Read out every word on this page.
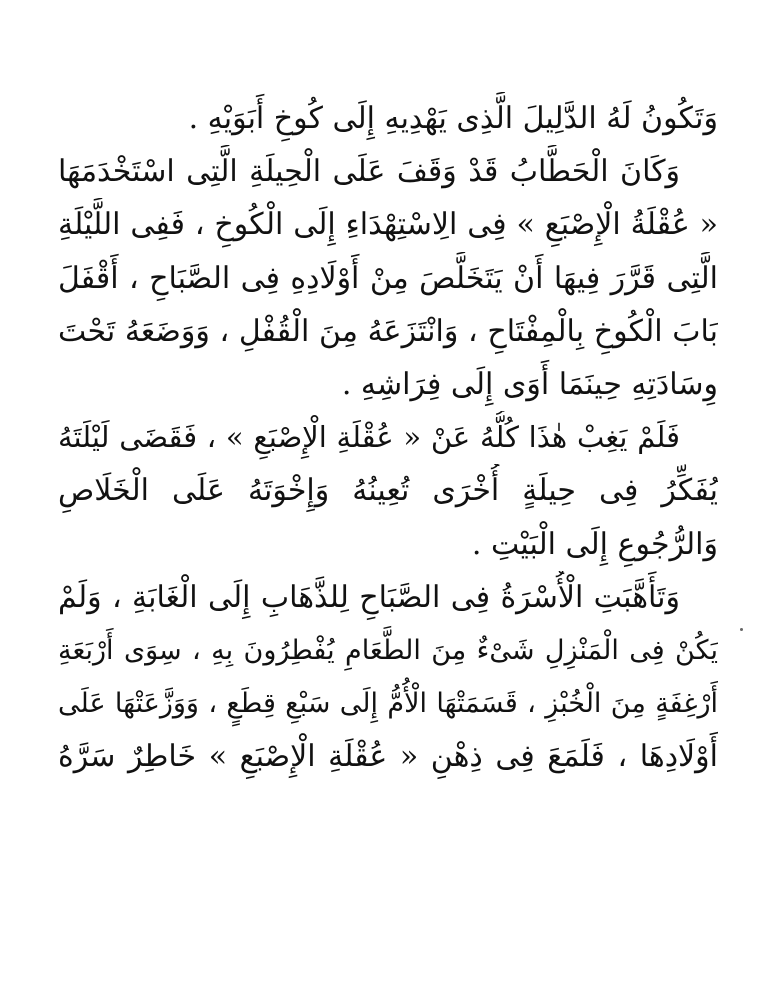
وَتَكُونُ لَهُ الدَّلِيلَ الَّذِى يَهْدِيهِ إِلَى كُوخِ أَبَوَيْهِ .
وَكَانَ الْحَطَّابُ قَدْ وَقَفَ عَلَى الْحِيلَةِ الَّتِى اسْتَخْدَمَهَا
« عُقْلَةُ الْإِصْبَعِ » فِى الِاسْتِهْدَاءِ إِلَى الْكُوخِ ، فَفِى اللَّيْلَةِ
الَّتِى قَرَّرَ فِيهَا أَنْ يَتَخَلَّصَ مِنْ أَوْلَادِهِ فِى الصَّبَاحِ ، أَقْفَلَ
بَابَ الْكُوخِ بِالْمِفْتَاحِ ، وَانْتَزَعَهُ مِنَ الْقُفْلِ ، وَوَضَعَهُ تَحْتَ
وِسَادَتِهِ حِينَمَا أَوَى إِلَى فِرَاشِهِ .
فَلَمْ يَغِبْ هٰذَا كُلُّهُ عَنْ « عُقْلَةِ الْإِصْبَعِ » ، فَقَضَى لَيْلَتَهُ
يُفَكِّرُ فِى حِيلَةٍ أُخْرَى تُعِينُهُ وَإِخْوَتَهُ عَلَى الْخَلَاصِ
وَالرُّجُوعِ إِلَى الْبَيْتِ .
وَتَأَهَّبَتِ الْأُسْرَةُ فِى الصَّبَاحِ لِلذَّهَابِ إِلَى الْغَابَةِ ، وَلَمْ
يَكُنْ فِى الْمَنْزِلِ شَىْءٌ مِنَ الطَّعَامِ يُفْطِرُونَ بِهِ ، سِوَى أَرْبَعَةِ
أَرْغِفَةٍ مِنَ الْخُبْزِ ، قَسَمَتْهَا الْأُمُّ إِلَى سَبْعِ قِطَعٍ ، وَوَزَّعَتْهَا عَلَى
أَوْلَادِهَا ، فَلَمَعَ فِى ذِهْنِ « عُقْلَةِ الْإِصْبَعِ » خَاطِرٌ سَرَّهُ
